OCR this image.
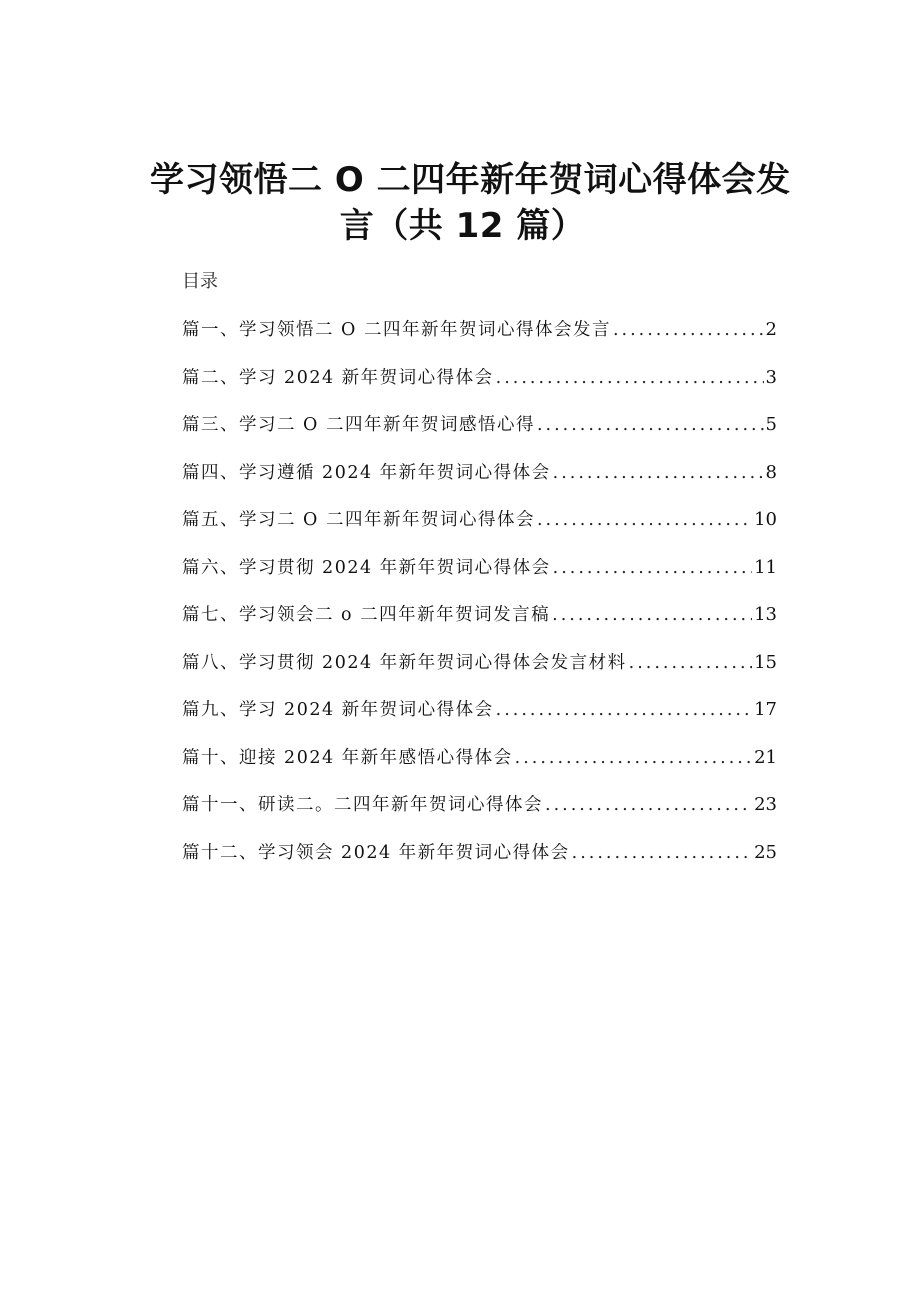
学习领悟二 O 二四年新年贺词心得体会发
言（共 12 篇）
目录
篇一、学习领悟二 O 二四年新年贺词心得体会发言 .....	2
篇二、学习 2024 新年贺词心得体会 .....	3
篇三、学习二 O 二四年新年贺词感悟心得 .....	5
篇四、学习遵循 2024 年新年贺词心得体会 .....	8
篇五、学习二 O 二四年新年贺词心得体会 .....	10
篇六、学习贯彻 2024 年新年贺词心得体会 .....	11
篇七、学习领会二 o 二四年新年贺词发言稿 .....	13
篇八、学习贯彻 2024 年新年贺词心得体会发言材料 .....	15
篇九、学习 2024 新年贺词心得体会 .....	17
篇十、迎接 2024 年新年感悟心得体会 .....	21
篇十一、研读二。二四年新年贺词心得体会 .....	23
篇十二、学习领会 2024 年新年贺词心得体会 .....	25
